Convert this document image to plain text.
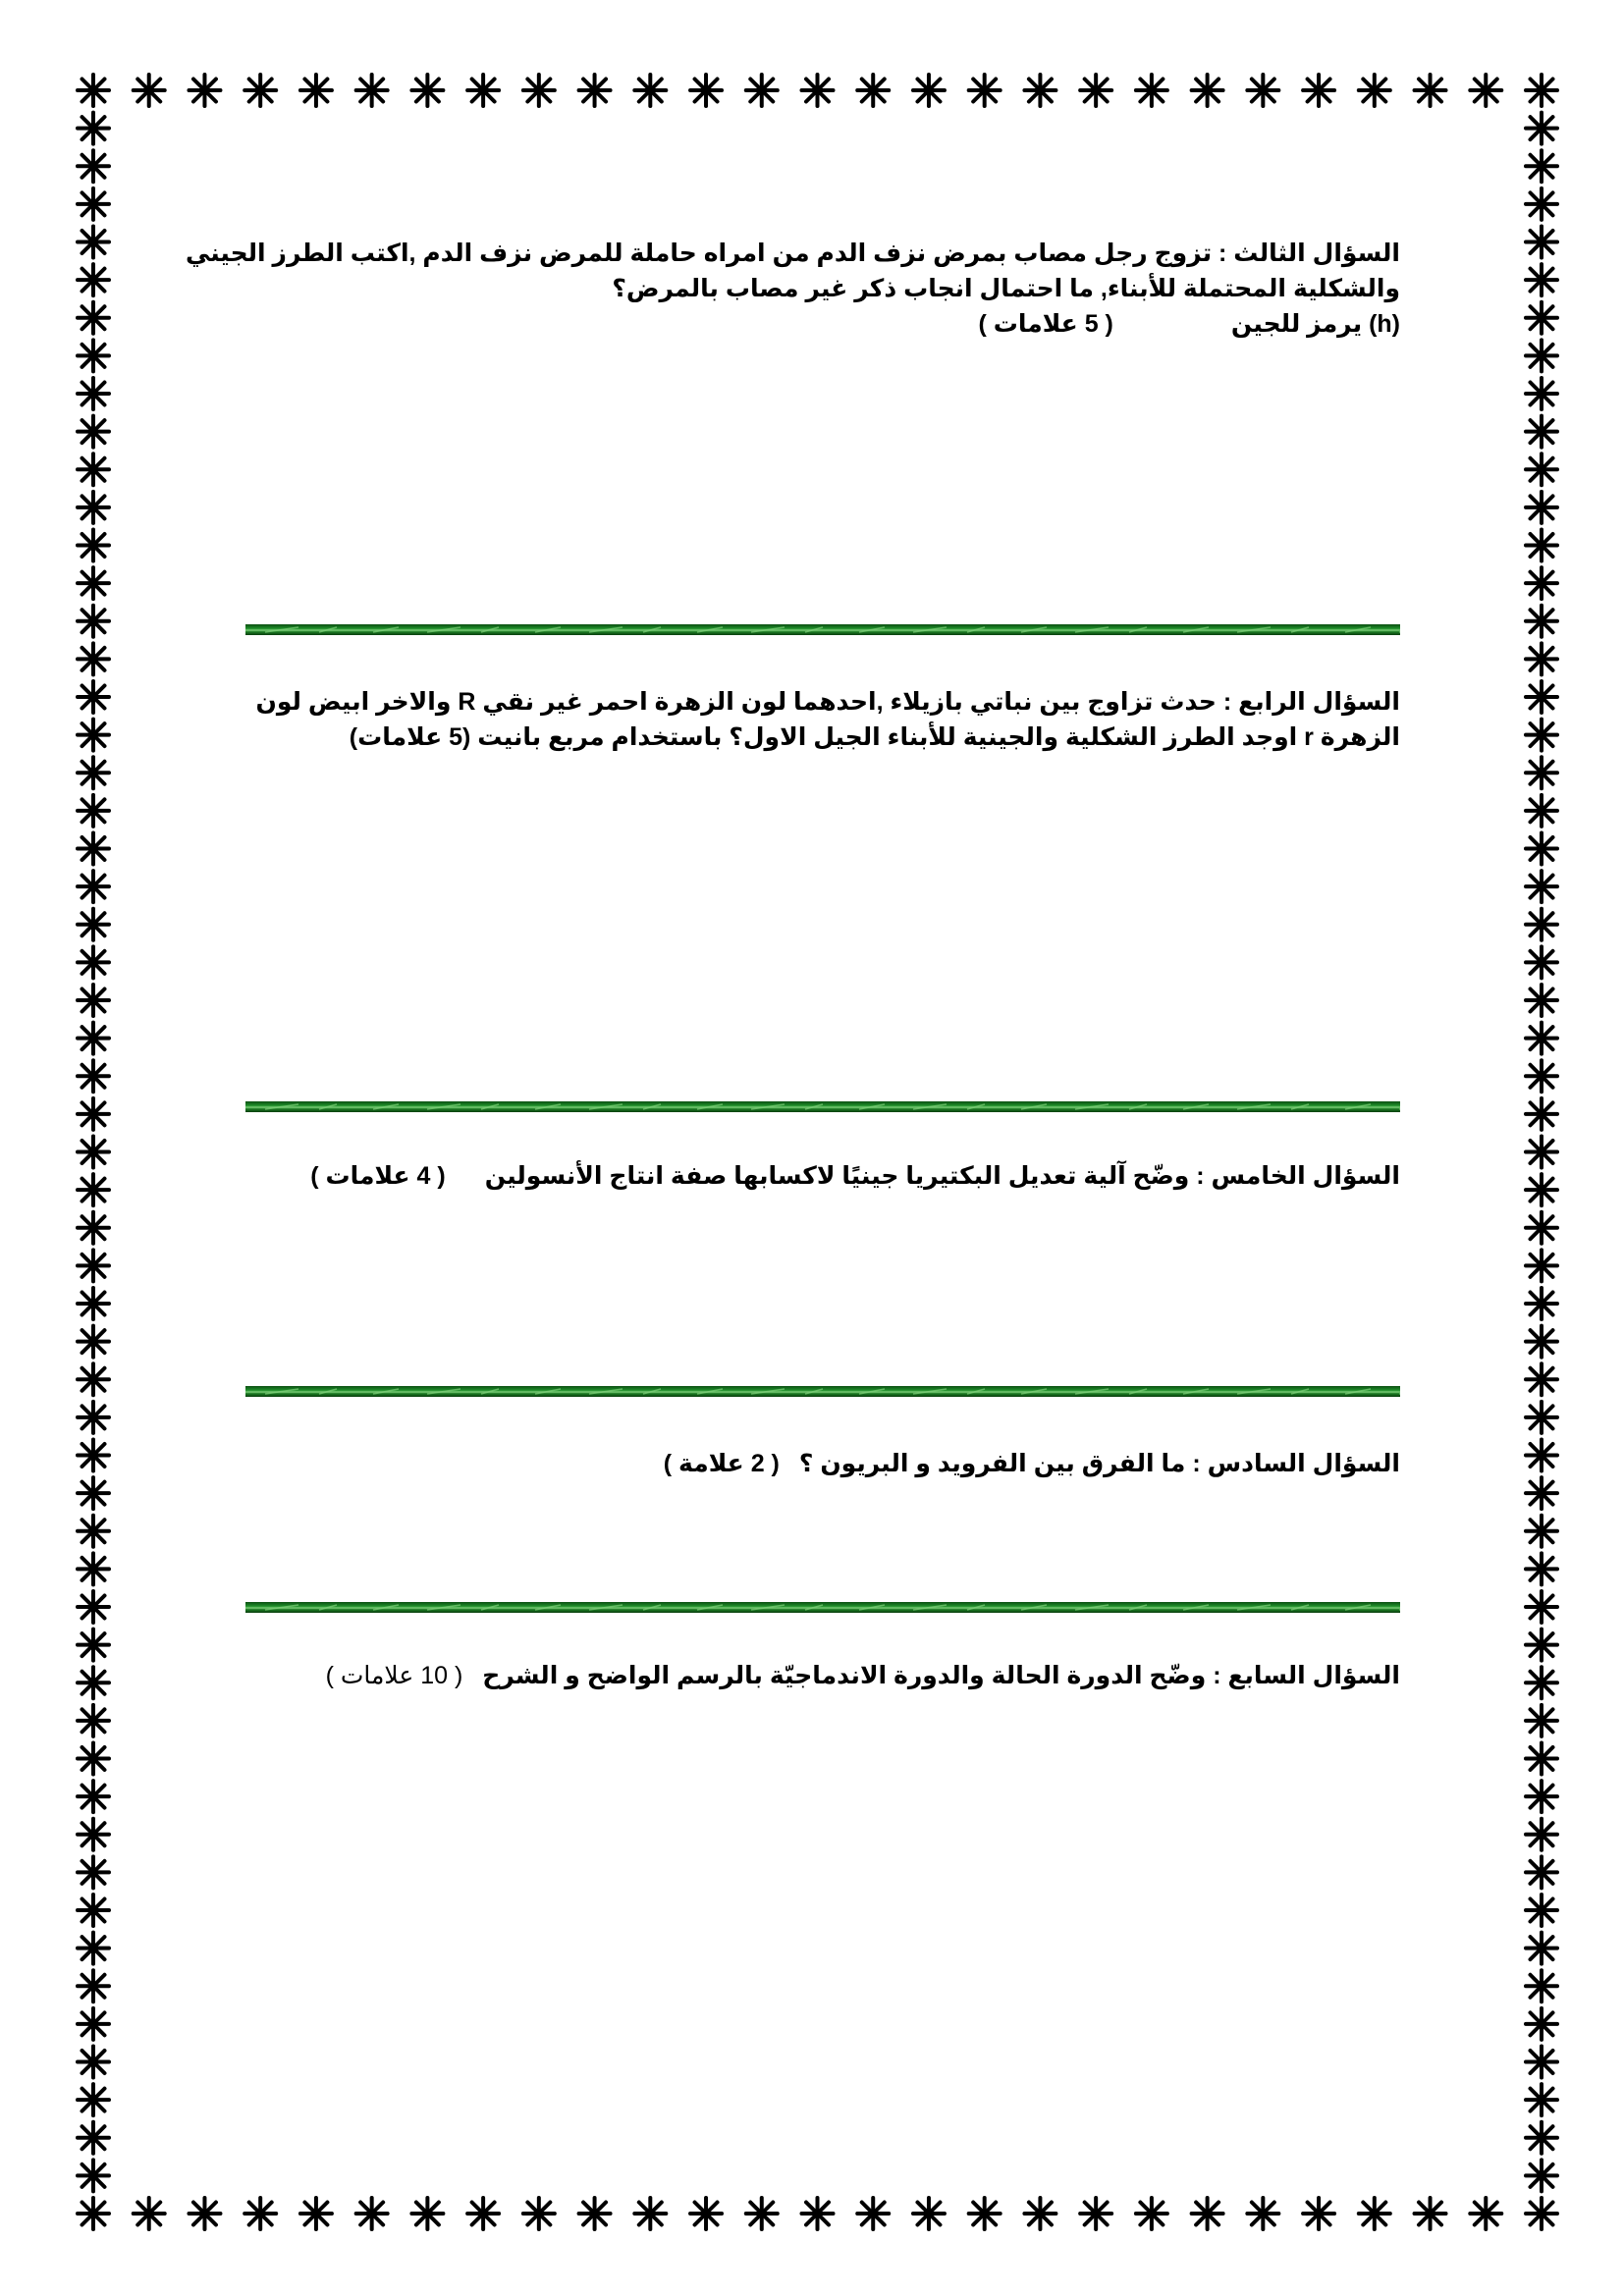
السؤال الثالث : تزوج رجل مصاب بمرض نزف الدم من امراه حاملة للمرض نزف الدم ,اكتب الطرز الجيني
والشكلية المحتملة للأبناء, ما احتمال انجاب ذكر غير مصاب بالمرض؟
(h) يرمز للجين( 5 علامات )
السؤال الرابع : حدث تزاوج بين نباتي بازيلاء ,احدهما لون الزهرة احمر غير نقي R والاخر ابيض لون
الزهرة r اوجد الطرز الشكلية والجينية للأبناء الجيل الاول؟ باستخدام مربع بانيت (5 علامات)
السؤال الخامس : وضّح آلية تعديل البكتيريا جينيًا لاكسابها صفة انتاج الأنسولين( 4 علامات )
السؤال السادس : ما الفرق بين الفرويد و البريون ؟( 2 علامة )
السؤال السابع : وضّح الدورة الحالة والدورة الاندماجيّة بالرسم الواضح و الشرح( 10 علامات )
